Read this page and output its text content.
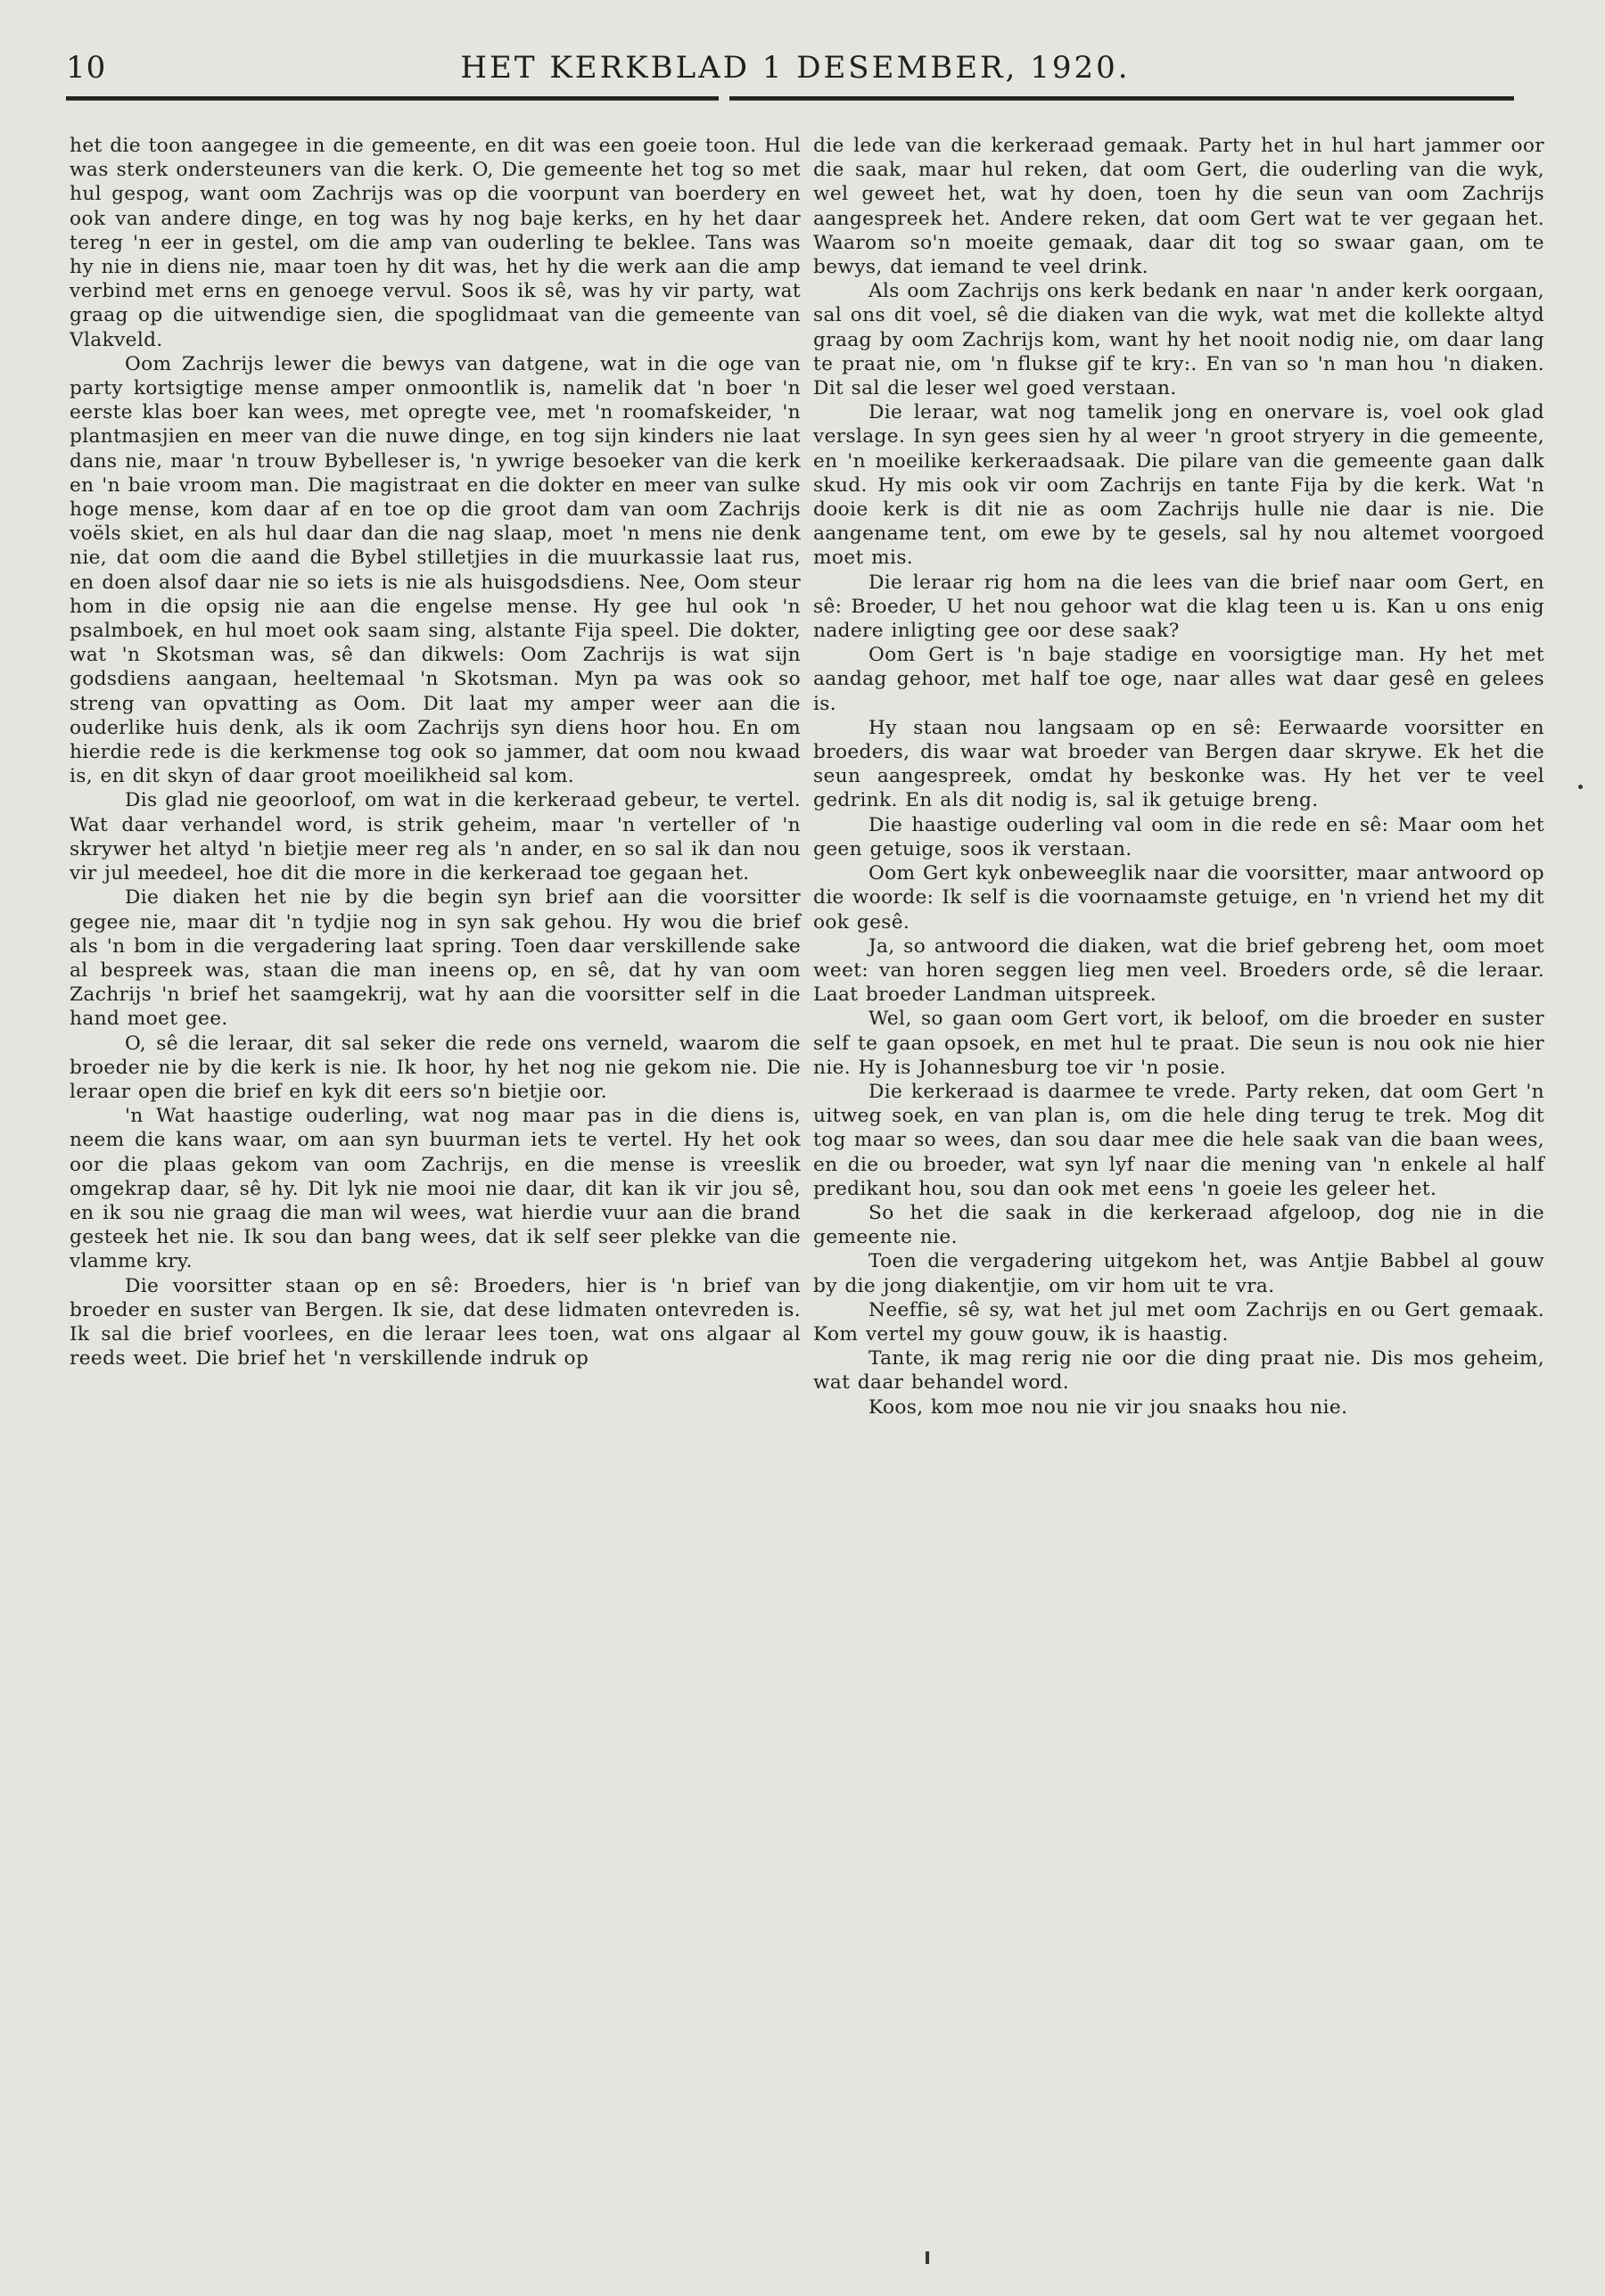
10	HET KERKBLAD 1 DESEMBER, 1920.

het die toon aangegee in die gemeente, en dit was een goeie toon. Hul was sterk ondersteuners van die kerk. O, Die gemeente het tog so met hul gespog, want oom Zachrijs was op die voorpunt van boerdery en ook van andere dinge, en tog was hy nog baje kerks, en hy het daar tereg 'n eer in gestel, om die amp van ouderling te beklee. Tans was hy nie in diens nie, maar toen hy dit was, het hy die werk aan die amp verbind met erns en genoege vervul. Soos ik sê, was hy vir party, wat graag op die uitwendige sien, die spoglidmaat van die gemeente van Vlakveld.

Oom Zachrijs lewer die bewys van datgene, wat in die oge van party kortsigtige mense amper onmoontlik is, namelik dat 'n boer 'n eerste klas boer kan wees, met opregte vee, met 'n roomafskeider, 'n plantmasjien en meer van die nuwe dinge, en tog sijn kinders nie laat dans nie, maar 'n trouw Bybelleser is, 'n ywrige besoeker van die kerk en 'n baie vroom man. Die magistraat en die dokter en meer van sulke hoge mense, kom daar af en toe op die groot dam van oom Zachrijs voëls skiet, en als hul daar dan die nag slaap, moet 'n mens nie denk nie, dat oom die aand die Bybel stilletjies in die muurkassie laat rus, en doen alsof daar nie so iets is nie als huisgodsdiens. Nee, Oom steur hom in die opsig nie aan die engelse mense. Hy gee hul ook 'n psalmboek, en hul moet ook saam sing, alstante Fija speel. Die dokter, wat 'n Skotsman was, sê dan dikwels: Oom Zachrijs is wat sijn godsdiens aangaan, heeltemaal 'n Skotsman. Myn pa was ook so streng van opvatting as Oom. Dit laat my amper weer aan die ouderlike huis denk, als ik oom Zachrijs syn diens hoor hou. En om hierdie rede is die kerkmense tog ook so jammer, dat oom nou kwaad is, en dit skyn of daar groot moeilikheid sal kom.

Dis glad nie geoorloof, om wat in die kerkeraad gebeur, te vertel. Wat daar verhandel word, is strik geheim, maar 'n verteller of 'n skrywer het altyd 'n bietjie meer reg als 'n ander, en so sal ik dan nou vir jul meedeel, hoe dit die more in die kerkeraad toe gegaan het.

Die diaken het nie by die begin syn brief aan die voorsitter gegee nie, maar dit 'n tydjie nog in syn sak gehou. Hy wou die brief als 'n bom in die vergadering laat spring. Toen daar verskillende sake al bespreek was, staan die man ineens op, en sê, dat hy van oom Zachrijs 'n brief het saamgekrij, wat hy aan die voorsitter self in die hand moet gee.

O, sê die leraar, dit sal seker die rede ons verneld, waarom die broeder nie by die kerk is nie. Ik hoor, hy het nog nie gekom nie. Die leraar open die brief en kyk dit eers so'n bietjie oor.

'n Wat haastige ouderling, wat nog maar pas in die diens is, neem die kans waar, om aan syn buurman iets te vertel. Hy het ook oor die plaas gekom van oom Zachrijs, en die mense is vreeslik omgekrap daar, sê hy. Dit lyk nie mooi nie daar, dit kan ik vir jou sê, en ik sou nie graag die man wil wees, wat hierdie vuur aan die brand gesteek het nie. Ik sou dan bang wees, dat ik self seer plekke van die vlamme kry.

Die voorsitter staan op en sê: Broeders, hier is 'n brief van broeder en suster van Bergen. Ik sie, dat dese lidmaten ontevreden is. Ik sal die brief voorlees, en die leraar lees toen, wat ons algaar al reeds weet. Die brief het 'n verskillende indruk op

die lede van die kerkeraad gemaak. Party het in hul hart jammer oor die saak, maar hul reken, dat oom Gert, die ouderling van die wyk, wel geweet het, wat hy doen, toen hy die seun van oom Zachrijs aangespreek het. Andere reken, dat oom Gert wat te ver gegaan het. Waarom so'n moeite gemaak, daar dit tog so swaar gaan, om te bewys, dat iemand te veel drink.

Als oom Zachrijs ons kerk bedank en naar 'n ander kerk oorgaan, sal ons dit voel, sê die diaken van die wyk, wat met die kollekte altyd graag by oom Zachrijs kom, want hy het nooit nodig nie, om daar lang te praat nie, om 'n flukse gif te kry:. En van so 'n man hou 'n diaken. Dit sal die leser wel goed verstaan.

Die leraar, wat nog tamelik jong en onervare is, voel ook glad verslage. In syn gees sien hy al weer 'n groot stryery in die gemeente, en 'n moeilike kerkeraadsaak. Die pilare van die gemeente gaan dalk skud. Hy mis ook vir oom Zachrijs en tante Fija by die kerk. Wat 'n dooie kerk is dit nie as oom Zachrijs hulle nie daar is nie. Die aangename tent, om ewe by te gesels, sal hy nou altemet voorgoed moet mis.

Die leraar rig hom na die lees van die brief naar oom Gert, en sê: Broeder, U het nou gehoor wat die klag teen u is. Kan u ons enig nadere inligting gee oor dese saak?

Oom Gert is 'n baje stadige en voorsigtige man. Hy het met aandag gehoor, met half toe oge, naar alles wat daar gesê en gelees is.

Hy staan nou langsaam op en sê: Eerwaarde voorsitter en broeders, dis waar wat broeder van Bergen daar skrywe. Ek het die seun aangespreek, omdat hy beskonke was. Hy het ver te veel gedrink. En als dit nodig is, sal ik getuige breng.

Die haastige ouderling val oom in die rede en sê: Maar oom het geen getuige, soos ik verstaan.

Oom Gert kyk onbeweeglik naar die voorsitter, maar antwoord op die woorde: Ik self is die voornaamste getuige, en 'n vriend het my dit ook gesê.

Ja, so antwoord die diaken, wat die brief gebreng het, oom moet weet: van horen seggen lieg men veel. Broeders orde, sê die leraar. Laat broeder Landman uitspreek.

Wel, so gaan oom Gert vort, ik beloof, om die broeder en suster self te gaan opsoek, en met hul te praat. Die seun is nou ook nie hier nie. Hy is Johannesburg toe vir 'n posie.

Die kerkeraad is daarmee te vrede. Party reken, dat oom Gert 'n uitweg soek, en van plan is, om die hele ding terug te trek. Mog dit tog maar so wees, dan sou daar mee die hele saak van die baan wees, en die ou broeder, wat syn lyf naar die mening van 'n enkele al half predikant hou, sou dan ook met eens 'n goeie les geleer het.

So het die saak in die kerkeraad afgeloop, dog nie in die gemeente nie.

Toen die vergadering uitgekom het, was Antjie Babbel al gouw by die jong diakentjie, om vir hom uit te vra.

Neeffie, sê sy, wat het jul met oom Zachrijs en ou Gert gemaak. Kom vertel my gouw gouw, ik is haastig.

Tante, ik mag rerig nie oor die ding praat nie. Dis mos geheim, wat daar behandel word.

Koos, kom moe nou nie vir jou snaaks hou nie.
